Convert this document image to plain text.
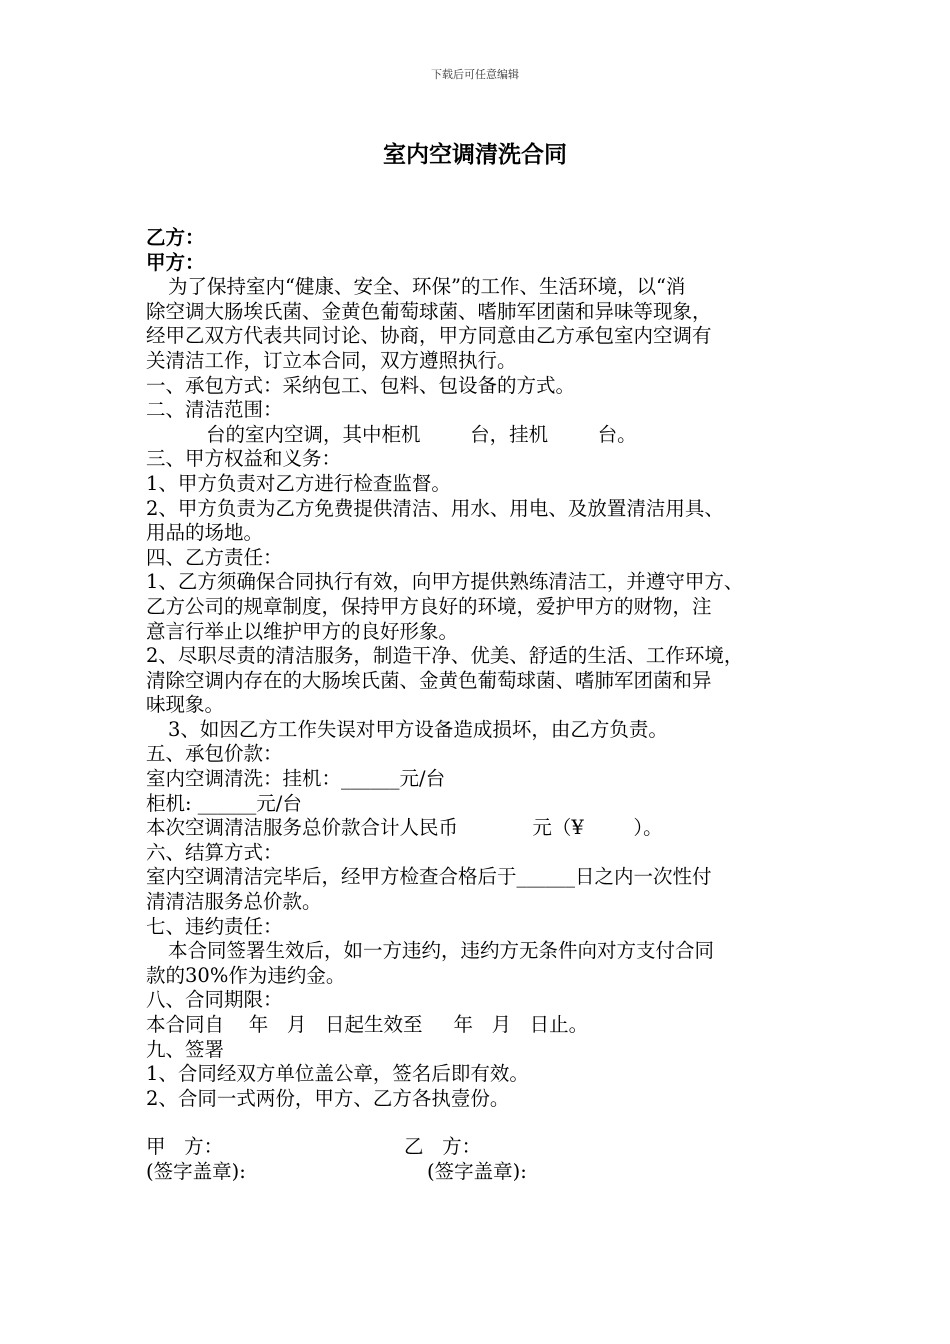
下载后可任意编辑
室内空调清洗合同
乙方：
甲方：
为了保持室内“健康、安全、环保”的工作、生活环境，以“消
除空调大肠埃氏菌、金黄色葡萄球菌、嗜肺军团菌和异味等现象，
经甲乙双方代表共同讨论、协商，甲方同意由乙方承包室内空调有
关清洁工作，订立本合同，双方遵照执行。
一、承包方式：采纳包工、包料、包设备的方式。
二、清洁范围：
台的室内空调，其中柜机        台，挂机        台。
三、甲方权益和义务：
1、甲方负责对乙方进行检查监督。
2、甲方负责为乙方免费提供清洁、用水、用电、及放置清洁用具、
用品的场地。
四、乙方责任：
1、乙方须确保合同执行有效，向甲方提供熟练清洁工，并遵守甲方、
乙方公司的规章制度，保持甲方良好的环境，爱护甲方的财物，注
意言行举止以维护甲方的良好形象。
2、尽职尽责的清洁服务，制造干净、优美、舒适的生活、工作环境，
清除空调内存在的大肠埃氏菌、金黄色葡萄球菌、嗜肺军团菌和异
味现象。
3、如因乙方工作失误对甲方设备造成损坏，由乙方负责。
五、承包价款：
室内空调清洗：挂机：______元/台
柜机: ______元/台
本次空调清洁服务总价款合计人民币            元（¥        ）。
六、结算方式：
室内空调清洁完毕后，经甲方检查合格后于______日之内一次性付
清清洁服务总价款。
七、违约责任：
本合同签署生效后，如一方违约，违约方无条件向对方支付合同
款的30%作为违约金。
八、合同期限：
本合同自    年   月   日起生效至     年   月   日止。
九、签署
1、合同经双方单位盖公章，签名后即有效。
2、合同一式两份，甲方、乙方各执壹份。

甲   方：

	乙   方：

(签字盖章):

	(签字盖章):
